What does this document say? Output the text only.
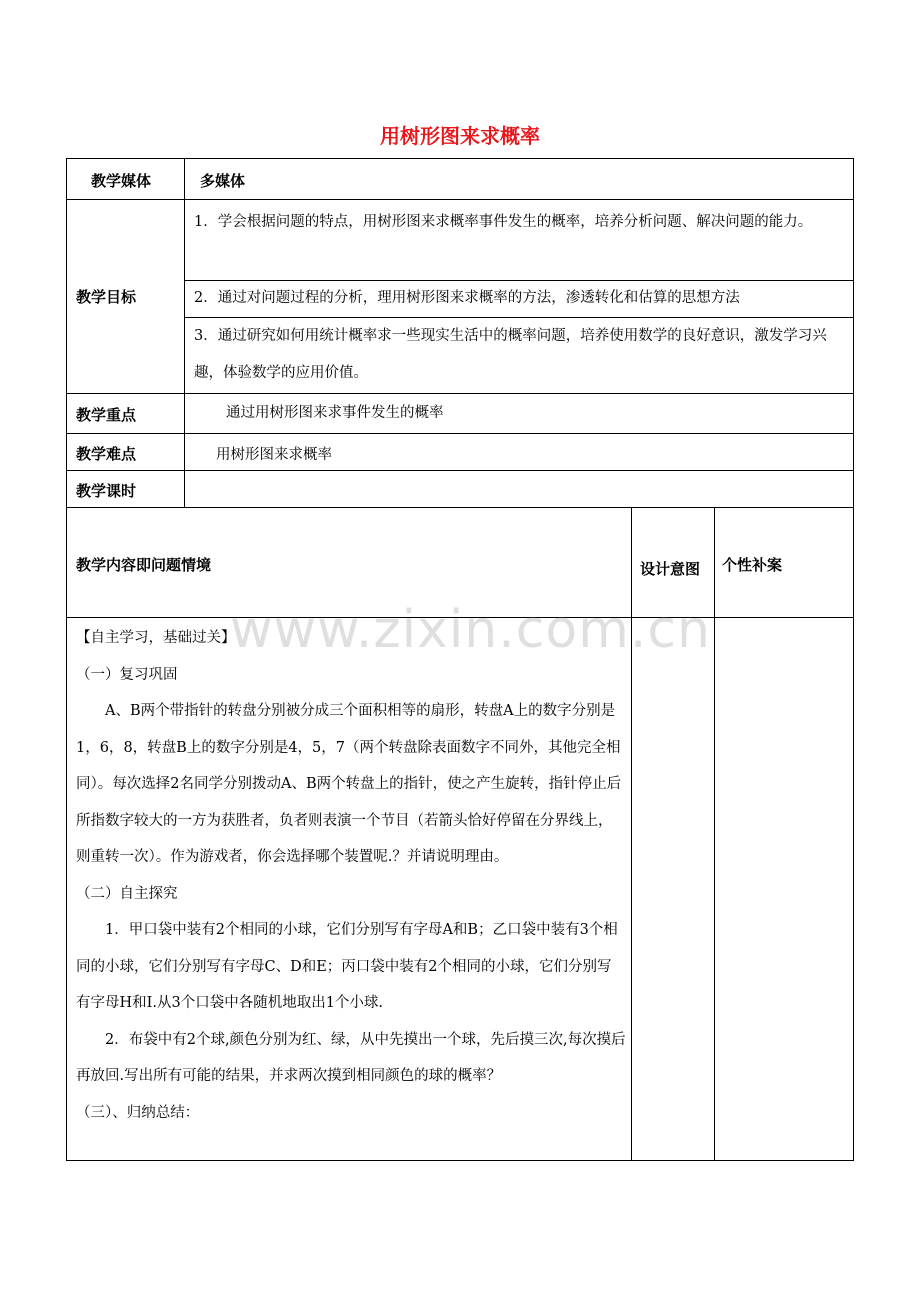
用树形图来求概率
教学媒体	多媒体
教学目标
1．学会根据问题的特点，用树形图来求概率事件发生的概率，培养分析问题、解决问题的能力。
2．通过对问题过程的分析，理用树形图来求概率的方法，渗透转化和估算的思想方法
3．通过研究如何用统计概率求一些现实生活中的概率问题，培养使用数学的良好意识，激发学习兴趣，体验数学的应用价值。
教学重点	通过用树形图来求事件发生的概率
教学难点	用树形图来求概率
教学课时
教学内容即问题情境	设计意图	个性补案
www.zixin.com.cn

【自主学习，基础过关】

（一）复习巩固

A、B两个带指针的转盘分别被分成三个面积相等的扇形，转盘A上的数字分别是1，6，8，转盘B上的数字分别是4，5，7（两个转盘除表面数字不同外，其他完全相同）。每次选择2名同学分别拨动A、B两个转盘上的指针，使之产生旋转，指针停止后所指数字较大的一方为获胜者，负者则表演一个节目（若箭头恰好停留在分界线上，则重转一次）。作为游戏者，你会选择哪个装置呢.？并请说明理由。

（二）自主探究

1．甲口袋中装有2个相同的小球，它们分别写有字母A和B；乙口袋中装有3个相同的小球，它们分别写有字母C、D和E；丙口袋中装有2个相同的小球，它们分别写有字母H和I.从3个口袋中各随机地取出1个小球.

2．布袋中有2个球,颜色分别为红、绿，从中先摸出一个球，先后摸三次,每次摸后再放回.写出所有可能的结果，并求两次摸到相同颜色的球的概率？

（三）、归纳总结：
